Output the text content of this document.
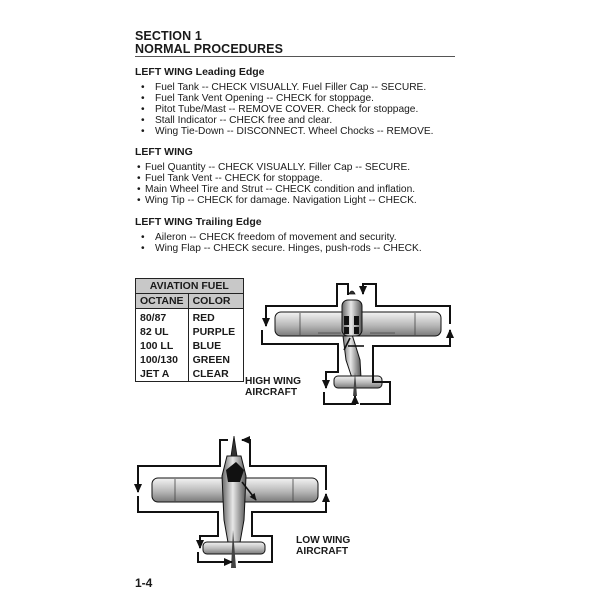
SECTION 1
NORMAL PROCEDURES
LEFT WING Leading Edge
• Fuel Tank -- CHECK VISUALLY. Fuel Filler Cap -- SECURE.
• Fuel Tank Vent Opening -- CHECK for stoppage.
• Pitot Tube/Mast -- REMOVE COVER. Check for stoppage.
• Stall Indicator -- CHECK free and clear.
• Wing Tie-Down -- DISCONNECT. Wheel Chocks -- REMOVE.
LEFT WING
• Fuel Quantity -- CHECK VISUALLY. Filler Cap -- SECURE.
• Fuel Tank Vent -- CHECK for stoppage.
• Main Wheel Tire and Strut -- CHECK condition and inflation.
• Wing Tip -- CHECK for damage. Navigation Light -- CHECK.
LEFT WING Trailing Edge
• Aileron -- CHECK freedom of movement and security.
• Wing Flap -- CHECK secure. Hinges, push-rods -- CHECK.
AVIATION FUEL	
OCTANE	COLOR
80/87	RED
82 UL	PURPLE
100 LL	BLUE
100/130	GREEN
JET A	CLEAR
HIGH WING
AIRCRAFT
LOW WING
AIRCRAFT
1-4
